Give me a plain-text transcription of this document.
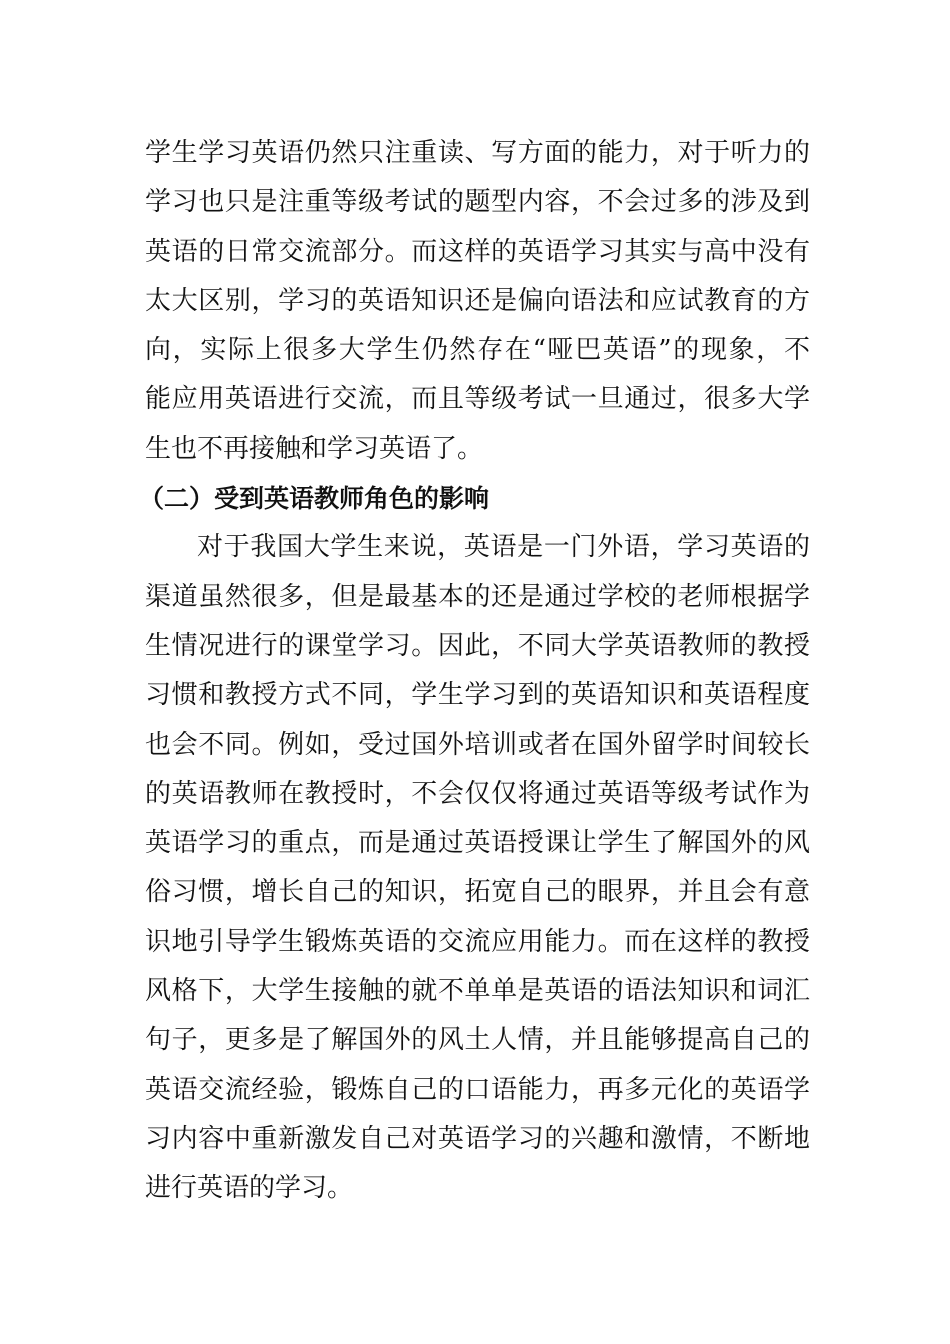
学生学习英语仍然只注重读、写方面的能力，对于听力的
学习也只是注重等级考试的题型内容，不会过多的涉及到
英语的日常交流部分。而这样的英语学习其实与高中没有
太大区别，学习的英语知识还是偏向语法和应试教育的方
向，实际上很多大学生仍然存在“哑巴英语”的现象，不
能应用英语进行交流，而且等级考试一旦通过，很多大学
生也不再接触和学习英语了。
（二）受到英语教师角色的影响
对于我国大学生来说，英语是一门外语，学习英语的
渠道虽然很多，但是最基本的还是通过学校的老师根据学
生情况进行的课堂学习。因此，不同大学英语教师的教授
习惯和教授方式不同，学生学习到的英语知识和英语程度
也会不同。例如，受过国外培训或者在国外留学时间较长
的英语教师在教授时，不会仅仅将通过英语等级考试作为
英语学习的重点，而是通过英语授课让学生了解国外的风
俗习惯，增长自己的知识，拓宽自己的眼界，并且会有意
识地引导学生锻炼英语的交流应用能力。而在这样的教授
风格下，大学生接触的就不单单是英语的语法知识和词汇
句子，更多是了解国外的风土人情，并且能够提高自己的
英语交流经验，锻炼自己的口语能力，再多元化的英语学
习内容中重新激发自己对英语学习的兴趣和激情，不断地
进行英语的学习。
